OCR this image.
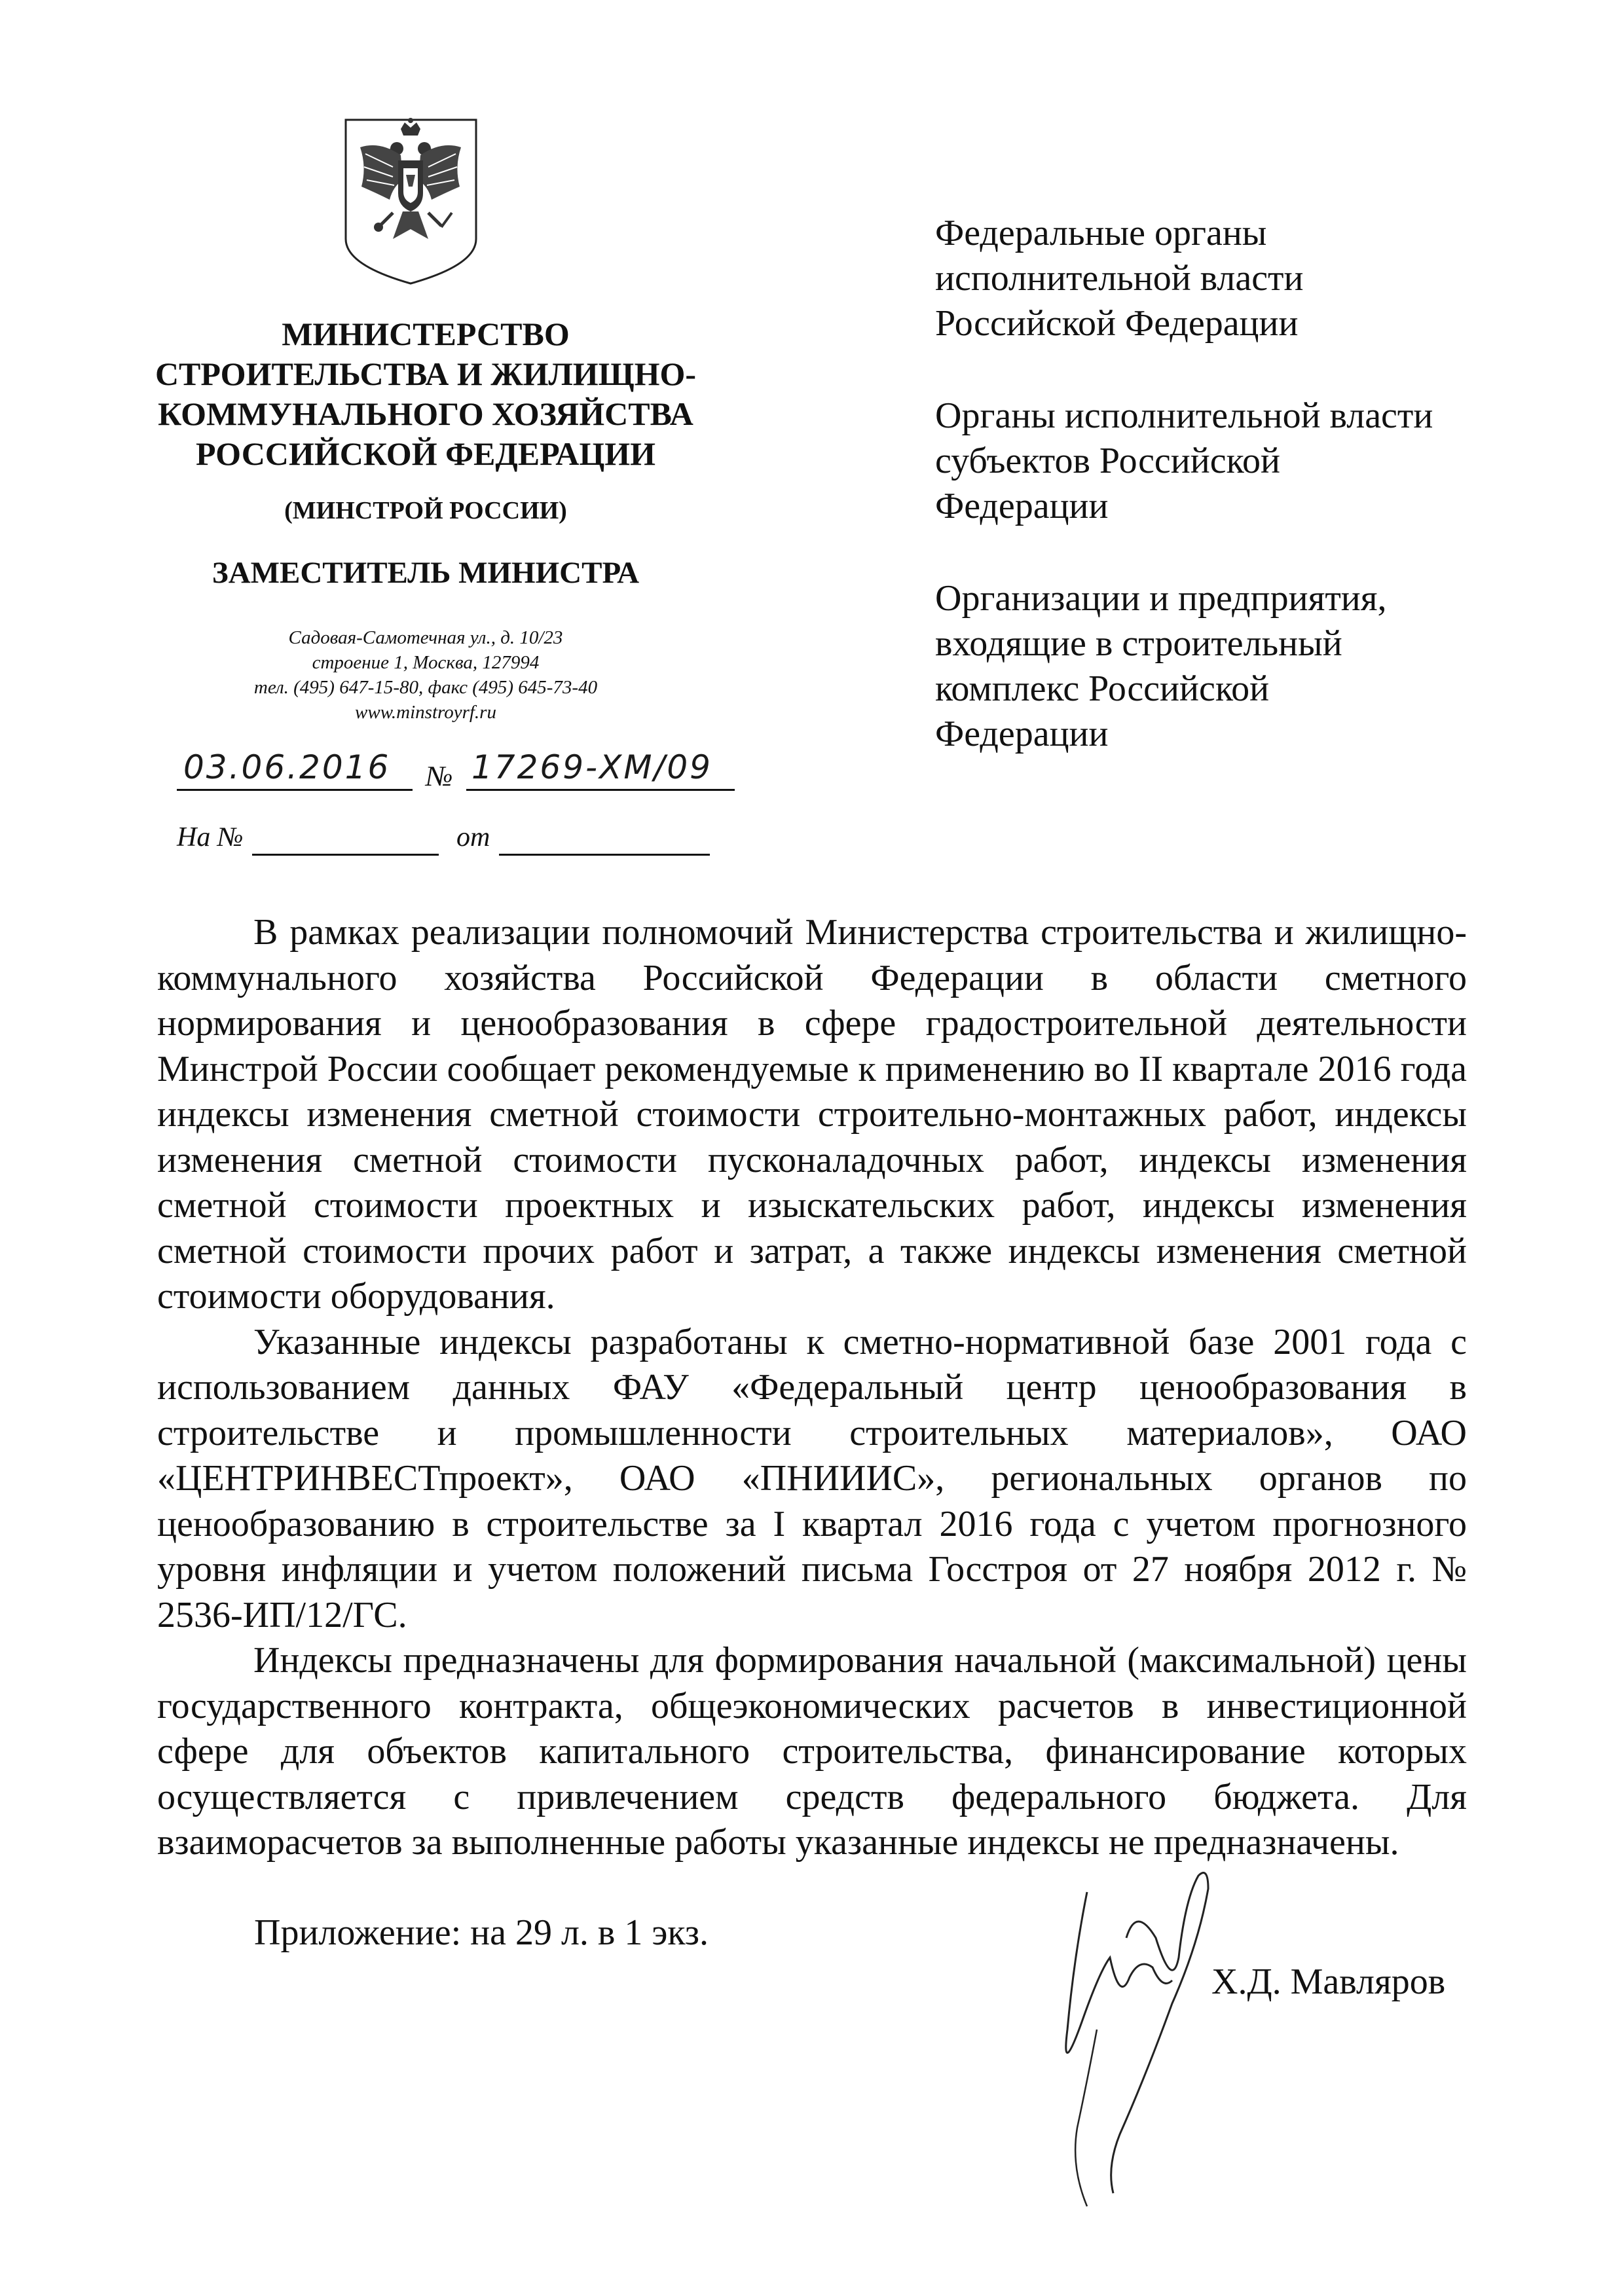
МИНИСТЕРСТВО
СТРОИТЕЛЬСТВА И ЖИЛИЩНО-
КОММУНАЛЬНОГО ХОЗЯЙСТВА
РОССИЙСКОЙ ФЕДЕРАЦИИ
(МИНСТРОЙ РОССИИ)
ЗАМЕСТИТЕЛЬ МИНИСТРА
Садовая-Самотечная ул., д. 10/23
строение 1, Москва, 127994
тел. (495) 647-15-80, факс (495) 645-73-40
www.minstroyrf.ru
03.06.2016 № 17269-ХМ/09
На №	от
Федеральные органы
исполнительной власти
Российской Федерации
Органы исполнительной власти
субъектов Российской
Федерации
Организации и предприятия,
входящие в строительный
комплекс Российской
Федерации

В рамках реализации полномочий Министерства строительства и жилищно-коммунального хозяйства Российской Федерации в области сметного нормирования и ценообразования в сфере градостроительной деятельности Минстрой России сообщает рекомендуемые к применению во II квартале 2016 года индексы изменения сметной стоимости строительно-монтажных работ, индексы изменения сметной стоимости пусконаладочных работ, индексы изменения сметной стоимости проектных и изыскательских работ, индексы изменения сметной стоимости прочих работ и затрат, а также индексы изменения сметной стоимости оборудования.

Указанные индексы разработаны к сметно-нормативной базе 2001 года с использованием данных ФАУ «Федеральный центр ценообразования в строительстве и промышленности строительных материалов», ОАО «ЦЕНТРИНВЕСТпроект», ОАО «ПНИИИС», региональных органов по ценообразованию в строительстве за I квартал 2016 года с учетом прогнозного уровня инфляции и учетом положений письма Госстроя от 27 ноября 2012 г. № 2536-ИП/12/ГС.

Индексы предназначены для формирования начальной (максимальной) цены государственного контракта, общеэкономических расчетов в инвестиционной сфере для объектов капитального строительства, финансирование которых осуществляется с привлечением средств федерального бюджета. Для взаиморасчетов за выполненные работы указанные индексы не предназначены.

Приложение: на 29 л. в 1 экз.
Х.Д. Мавляров
